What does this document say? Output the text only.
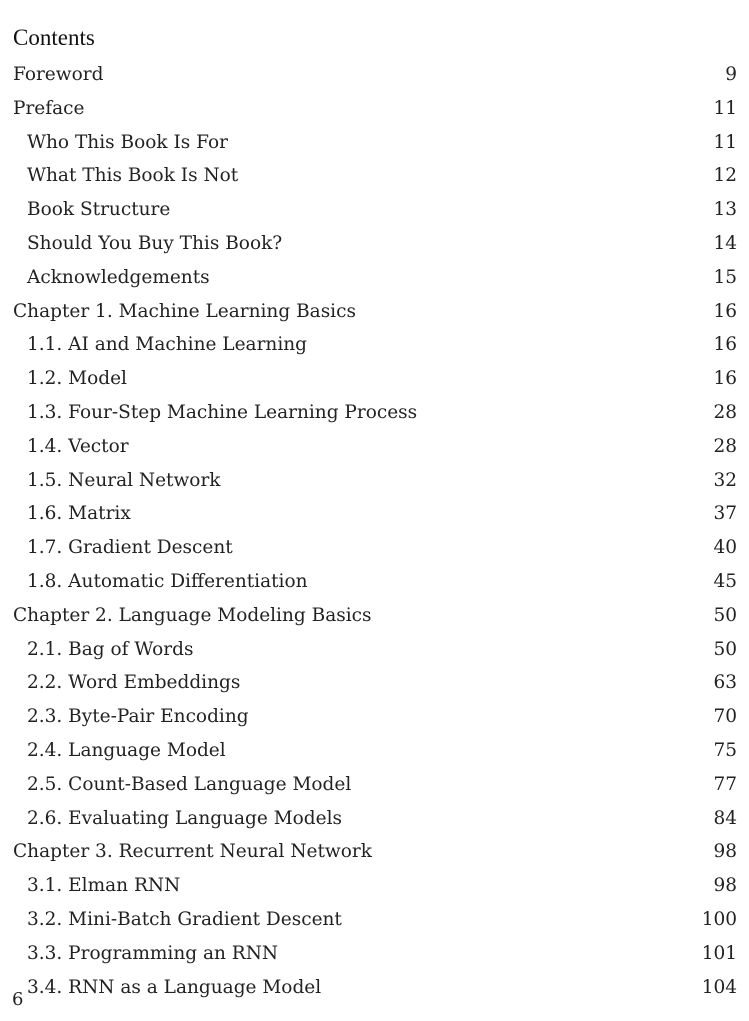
Contents
Foreword	9
Preface	11
Who This Book Is For	11
What This Book Is Not	12
Book Structure	13
Should You Buy This Book?	14
Acknowledgements	15
Chapter 1. Machine Learning Basics	16
1.1. AI and Machine Learning	16
1.2. Model	16
1.3. Four-Step Machine Learning Process	28
1.4. Vector	28
1.5. Neural Network	32
1.6. Matrix	37
1.7. Gradient Descent	40
1.8. Automatic Differentiation	45
Chapter 2. Language Modeling Basics	50
2.1. Bag of Words	50
2.2. Word Embeddings	63
2.3. Byte-Pair Encoding	70
2.4. Language Model	75
2.5. Count-Based Language Model	77
2.6. Evaluating Language Models	84
Chapter 3. Recurrent Neural Network	98
3.1. Elman RNN	98
3.2. Mini-Batch Gradient Descent	100
3.3. Programming an RNN	101
3.4. RNN as a Language Model	104
6
